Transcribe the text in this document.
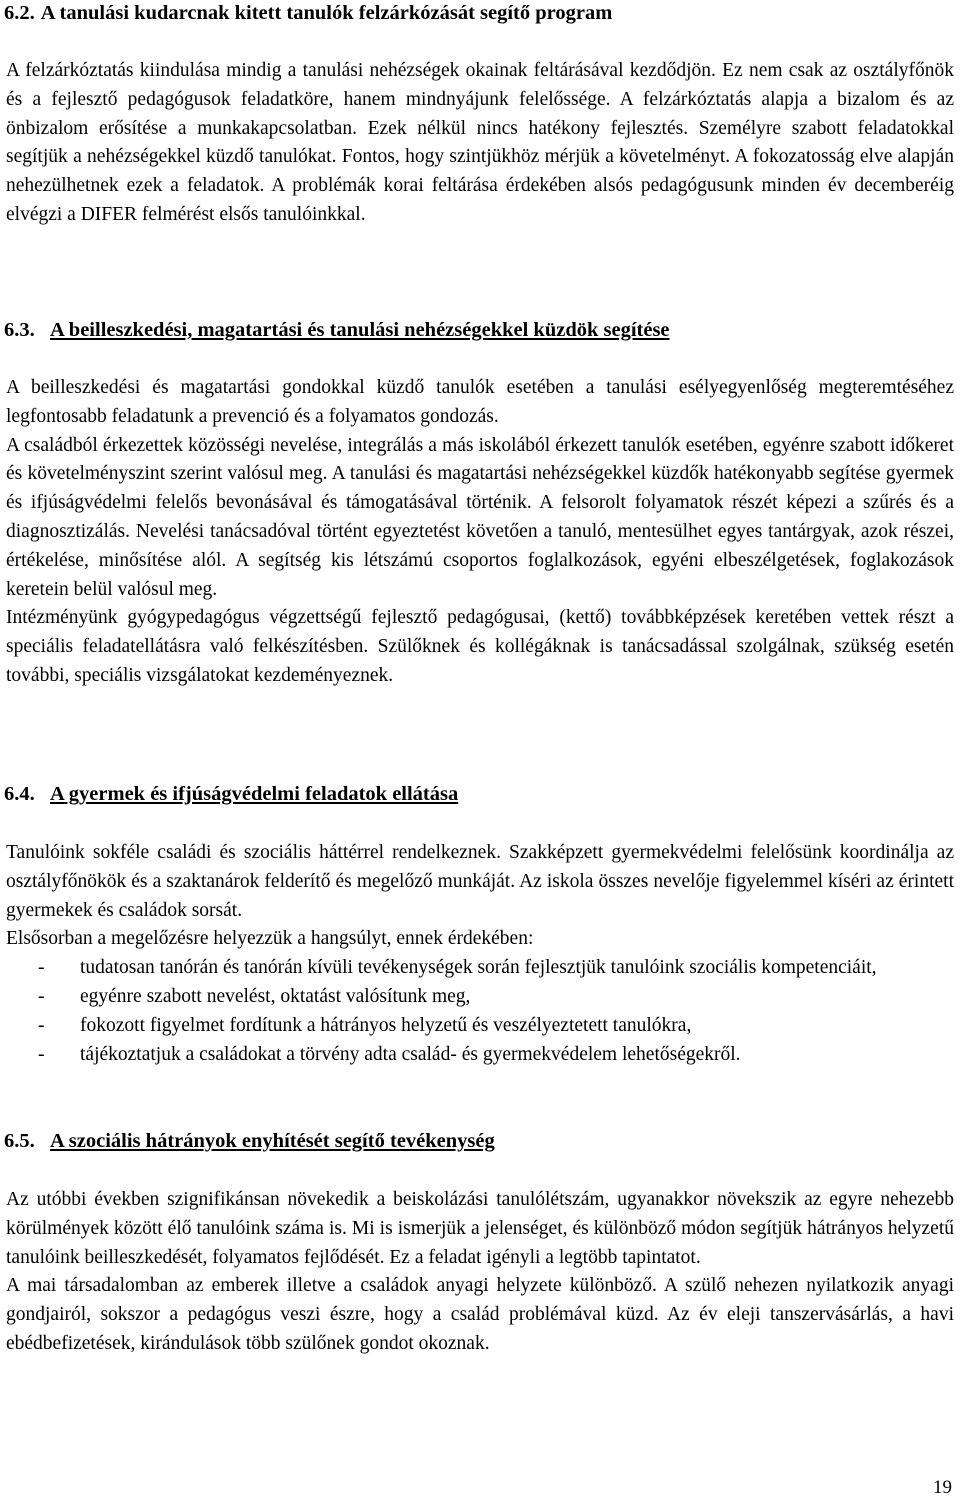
6.2. A tanulási kudarcnak kitett tanulók felzárkózását segítő program

A felzárkóztatás kiindulása mindig a tanulási nehézségek okainak feltárásával kezdődjön. Ez nem csak az osztályfőnök és a fejlesztő pedagógusok feladatköre, hanem mindnyájunk felelőssége. A felzárkóztatás alapja a bizalom és az önbizalom erősítése a munkakapcsolatban. Ezek nélkül nincs hatékony fejlesztés. Személyre szabott feladatokkal segítjük a nehézségekkel küzdő tanulókat. Fontos, hogy szintjükhöz mérjük a követelményt. A fokozatosság elve alapján nehezülhetnek ezek a feladatok. A problémák korai feltárása érdekében alsós pedagógusunk minden év decemberéig elvégzi a DIFER felmérést elsős tanulóinkkal.

6.3. A beilleszkedési, magatartási és tanulási nehézségekkel küzdök segítése

A beilleszkedési és magatartási gondokkal küzdő tanulók esetében a tanulási esélyegyenlőség megteremtéséhez legfontosabb feladatunk a prevenció és a folyamatos gondozás.

A családból érkezettek közösségi nevelése, integrálás a más iskolából érkezett tanulók esetében, egyénre szabott időkeret és követelményszint szerint valósul meg. A tanulási és magatartási nehézségekkel küzdők hatékonyabb segítése gyermek és ifjúságvédelmi felelős bevonásával és támogatásával történik. A felsorolt folyamatok részét képezi a szűrés és a diagnosztizálás. Nevelési tanácsadóval történt egyeztetést követően a tanuló, mentesülhet egyes tantárgyak, azok részei, értékelése, minősítése alól. A segítség kis létszámú csoportos foglalkozások, egyéni elbeszélgetések, foglakozások keretein belül valósul meg.

Intézményünk gyógypedagógus végzettségű fejlesztő pedagógusai, (kettő) továbbképzések keretében vettek részt a speciális feladatellátásra való felkészítésben. Szülőknek és kollégáknak is tanácsadással szolgálnak, szükség esetén további, speciális vizsgálatokat kezdeményeznek.

6.4. A gyermek és ifjúságvédelmi feladatok ellátása

Tanulóink sokféle családi és szociális háttérrel rendelkeznek. Szakképzett gyermekvédelmi felelősünk koordinálja az osztályfőnökök és a szaktanárok felderítő és megelőző munkáját. Az iskola összes nevelője figyelemmel kíséri az érintett gyermekek és családok sorsát.

Elsősorban a megelőzésre helyezzük a hangsúlyt, ennek érdekében:

- tudatosan tanórán és tanórán kívüli tevékenységek során fejlesztjük tanulóink szociális kompetenciáit,
- egyénre szabott nevelést, oktatást valósítunk meg,
- fokozott figyelmet fordítunk a hátrányos helyzetű és veszélyeztetett tanulókra,
- tájékoztatjuk a családokat a törvény adta család- és gyermekvédelem lehetőségekről.
6.5. A szociális hátrányok enyhítését segítő tevékenység

Az utóbbi években szignifikánsan növekedik a beiskolázási tanulólétszám, ugyanakkor növekszik az egyre nehezebb körülmények között élő tanulóink száma is. Mi is ismerjük a jelenséget, és különböző módon segítjük hátrányos helyzetű tanulóink beilleszkedését, folyamatos fejlődését. Ez a feladat igényli a legtöbb tapintatot.

A mai társadalomban az emberek illetve a családok anyagi helyzete különböző. A szülő nehezen nyilatkozik anyagi gondjairól, sokszor a pedagógus veszi észre, hogy a család problémával küzd. Az év eleji tanszervásárlás, a havi ebédbefizetések, kirándulások több szülőnek gondot okoznak.

19
